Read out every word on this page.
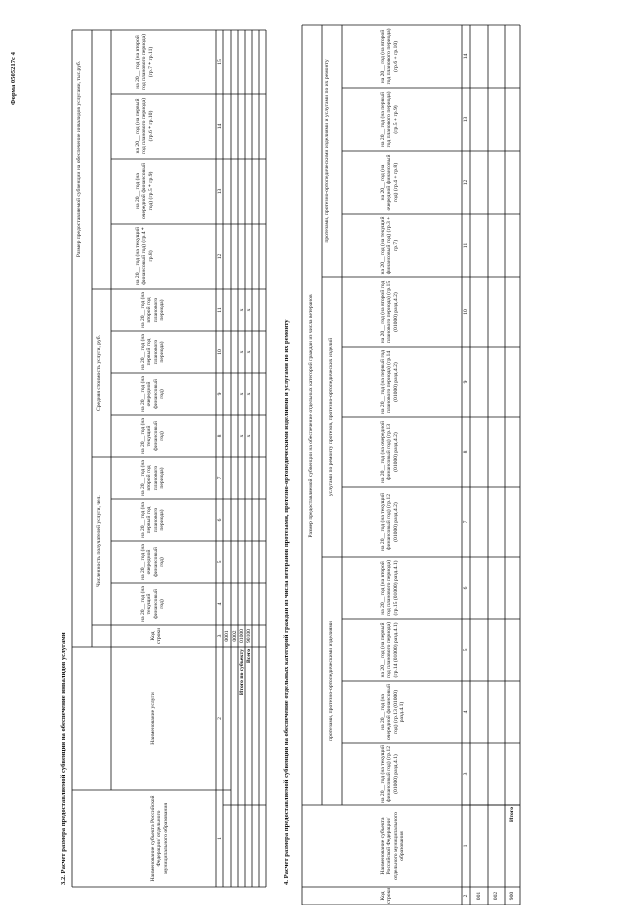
Форма 0505217с 4
3.2. Расчет размера предоставляемой субвенции на обеспечение инвалидов услугами	Наименование субъекта Российской Федерации/ отдельного муниципального образования
Наименование услуги
Код строки
Численность получателей услуги, чел.
Средняя стоимость услуги, руб.
Размер предоставляемой субвенции на обеспечение инвалидов услугами, тыс.руб.
на 20__ год (на текущий финансовый год)
на 20__ год (на очередной финансовый год)
на 20__ год (на первый год планового периода)
на 20__ год (на второй год планового периода)
на 20__ год (на текущий финансовый год)
на 20__ год (на очередной финансовый год)
на 20__ год (на первый год планового периода)
на 20__ год (на второй год планового периода)
на 20__ год (на текущий финансовый год) (гр.4 * гр.8)
на 20__ год (на очередной финансовый год) (гр.5 * гр.9)
на 20__ год (на первый год планового периода) (гр.6 * гр.10)
на 20__ год (на второй год планового периода) (гр.7 * гр.11)
1
2
3
4
5
6
7
8
9
10
11
12
13
14
15
0001 0002
Итого по субъекту
01000
Всего
90100
х
х
х
х
х
х
х
х
4. Расчет размера предоставляемой субвенции на обеспечение отдельных категорий граждан из числа ветеранов протезами, протезно-ортопедическими изделиями и услугами по их ремонту	Наименование субъекта Российской Федерации/ отдельного муниципального образования
Код строки
Размер предоставляемой субвенции на обеспечение отдельных категорий граждан из числа ветеранов
протезами, протезно-ортопедическими изделиями
услугами по ремонту протезов, протезно-ортопедических изделий
протезами, протезно-ортопедическими изделиями и услугами по их ремонту
на 20__ год (на текущий финансовый год) (гр.12 (01000) разд.4.1)
на 20__ год (на очередной финансовый год) (гр.13 (01000) разд.4.1)
на 20__ год (на первый год планового периода) (гр.14 (01000) разд.4.1)
на 20__ год (на второй год планового периода) (гр.15 (01000) разд.4.1)
на 20__ год (на текущий финансовый год) (гр.12 (01000) разд.4.2)
на 20__ год (на очередной финансовый год) (гр.13 (01000) разд.4.2)
на 20__ год (на первый год планового периода) (гр.14 (01000) разд.4.2)
на 20__ год (на второй год планового периода) (гр.15 (01000) разд.4.2)
на 20__ год (на текущий финансовый год) (гр.3 + гр.7)
на 20__ год (на очередной финансовый год) (гр.4 + гр.8)
на 20__ год (на первый год планового периода) (гр.5 + гр.9)
на 20__ год (на второй год планового периода) (гр.6 + гр.10)
1
2
3
4
5
6
7
8
9
10
11
12
13
14
001 002
Итого
900
